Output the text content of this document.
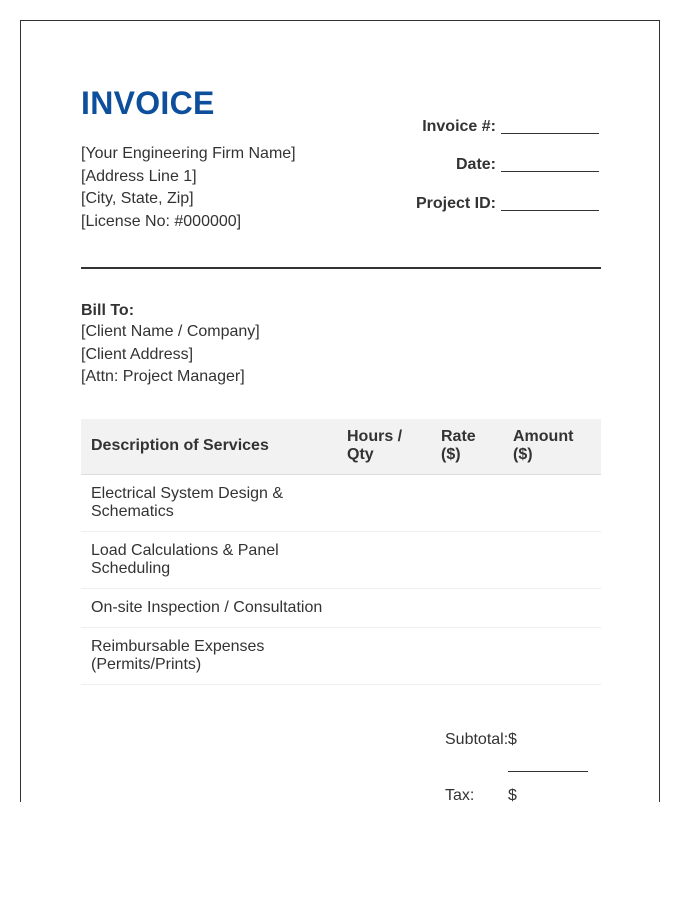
INVOICE
[Your Engineering Firm Name]
[Address Line 1]
[City, State, Zip]
[License No: #000000]
Invoice #:
Date:
Project ID:
Bill To:
[Client Name / Company]
[Client Address]
[Attn: Project Manager]
Description of Services	Hours / Qty	Rate ($)	Amount ($)
Electrical System Design & Schematics			
Load Calculations & Panel Scheduling			
On-site Inspection / Consultation			
Reimbursable Expenses (Permits/Prints)			
Subtotal: $
Tax:	$
